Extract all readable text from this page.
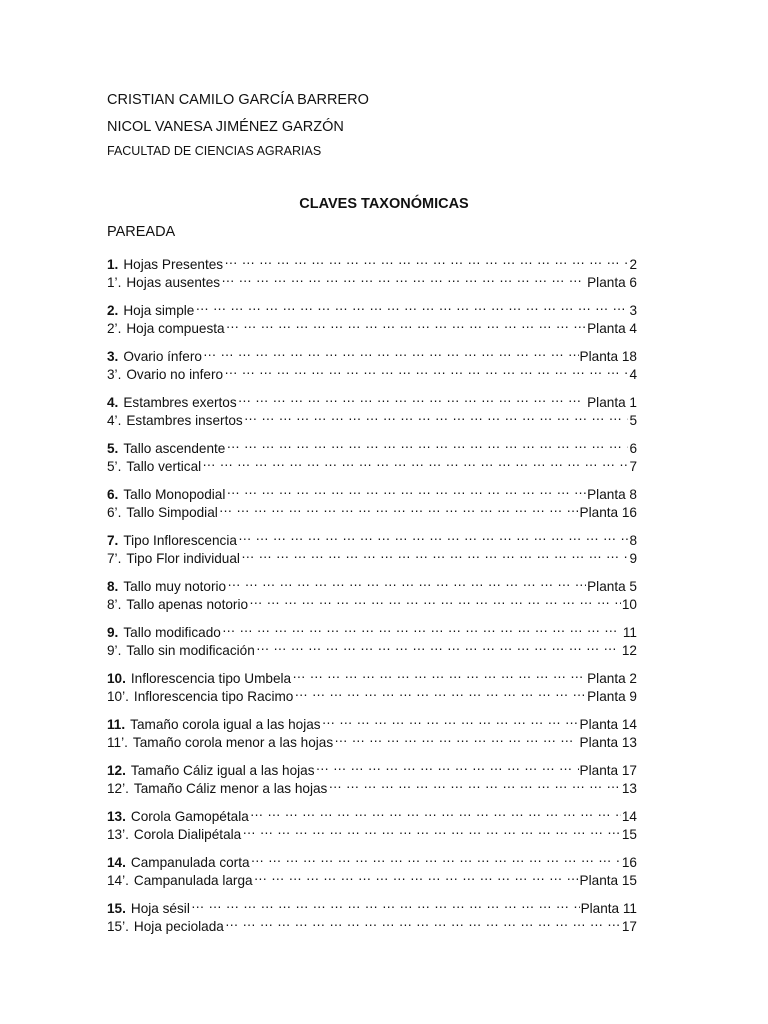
CRISTIAN CAMILO GARCÍA BARRERO
NICOL VANESA JIMÉNEZ GARZÓN
FACULTAD DE CIENCIAS AGRARIAS
CLAVES TAXONÓMICAS
PAREADA
1. Hojas Presentes … … … … … … … … … … … … … … … … … … … … … … … … … … … … … … … … … … … … … … … … … … … … … … … … … … … …	2
1’. Hojas ausentes … … … … … … … … … … … … … … … … … … … … … … … … … … … … … … … … … … … … … … … … … … … … … … … … … … … …	Planta 6
2. Hoja simple … … … … … … … … … … … … … … … … … … … … … … … … … … … … … … … … … … … … … … … … … … … … … … … … … … … …	3
2’. Hoja compuesta … … … … … … … … … … … … … … … … … … … … … … … … … … … … … … … … … … … … … … … … … … … … … … … … … … … …	Planta 4
3. Ovario ínfero … … … … … … … … … … … … … … … … … … … … … … … … … … … … … … … … … … … … … … … … … … … … … … … … … … … …	Planta 18
3’. Ovario no infero … … … … … … … … … … … … … … … … … … … … … … … … … … … … … … … … … … … … … … … … … … … … … … … … … … … …	4
4. Estambres exertos … … … … … … … … … … … … … … … … … … … … … … … … … … … … … … … … … … … … … … … … … … … … … … … … … … … …	Planta 1
4’. Estambres insertos … … … … … … … … … … … … … … … … … … … … … … … … … … … … … … … … … … … … … … … … … … … … … … … … … … … …	5
5. Tallo ascendente … … … … … … … … … … … … … … … … … … … … … … … … … … … … … … … … … … … … … … … … … … … … … … … … … … … …	6
5’. Tallo vertical … … … … … … … … … … … … … … … … … … … … … … … … … … … … … … … … … … … … … … … … … … … … … … … … … … … …	7
6. Tallo Monopodial … … … … … … … … … … … … … … … … … … … … … … … … … … … … … … … … … … … … … … … … … … … … … … … … … … … …	Planta 8
6’. Tallo Simpodial … … … … … … … … … … … … … … … … … … … … … … … … … … … … … … … … … … … … … … … … … … … … … … … … … … … …	Planta 16
7. Tipo Inflorescencia … … … … … … … … … … … … … … … … … … … … … … … … … … … … … … … … … … … … … … … … … … … … … … … … … … … …	8
7’. Tipo Flor individual … … … … … … … … … … … … … … … … … … … … … … … … … … … … … … … … … … … … … … … … … … … … … … … … … … … …	9
8. Tallo muy notorio … … … … … … … … … … … … … … … … … … … … … … … … … … … … … … … … … … … … … … … … … … … … … … … … … … … …	Planta 5
8’. Tallo apenas notorio … … … … … … … … … … … … … … … … … … … … … … … … … … … … … … … … … … … … … … … … … … … … … … … … … … … …	10
9. Tallo modificado … … … … … … … … … … … … … … … … … … … … … … … … … … … … … … … … … … … … … … … … … … … … … … … … … … … …	11
9’. Tallo sin modificación … … … … … … … … … … … … … … … … … … … … … … … … … … … … … … … … … … … … … … … … … … … … … … … … … … … …	12
10. Inflorescencia tipo Umbela … … … … … … … … … … … … … … … … … … … … … … … … … … … … … … … … … … … … … … … … … … … … … … … … … … … …	Planta 2
10’. Inflorescencia tipo Racimo … … … … … … … … … … … … … … … … … … … … … … … … … … … … … … … … … … … … … … … … … … … … … … … … … … … …	Planta 9
11. Tamaño corola igual a las hojas … … … … … … … … … … … … … … … … … … … … … … … … … … … … … … … … … … … … … … … … … … … … … … … … … … … …	Planta 14
11’. Tamaño corola menor a las hojas … … … … … … … … … … … … … … … … … … … … … … … … … … … … … … … … … … … … … … … … … … … … … … … … … … … …	Planta 13
12. Tamaño Cáliz igual a las hojas … … … … … … … … … … … … … … … … … … … … … … … … … … … … … … … … … … … … … … … … … … … … … … … … … … … …	Planta 17
12’. Tamaño Cáliz menor a las hojas … … … … … … … … … … … … … … … … … … … … … … … … … … … … … … … … … … … … … … … … … … … … … … … … … … … …	13
13. Corola Gamopétala … … … … … … … … … … … … … … … … … … … … … … … … … … … … … … … … … … … … … … … … … … … … … … … … … … … …	14
13’. Corola Dialipétala … … … … … … … … … … … … … … … … … … … … … … … … … … … … … … … … … … … … … … … … … … … … … … … … … … … …	15
14. Campanulada corta … … … … … … … … … … … … … … … … … … … … … … … … … … … … … … … … … … … … … … … … … … … … … … … … … … … …	16
14’. Campanulada larga … … … … … … … … … … … … … … … … … … … … … … … … … … … … … … … … … … … … … … … … … … … … … … … … … … … …	Planta 15
15. Hoja sésil … … … … … … … … … … … … … … … … … … … … … … … … … … … … … … … … … … … … … … … … … … … … … … … … … … … …	Planta 11
15’. Hoja peciolada … … … … … … … … … … … … … … … … … … … … … … … … … … … … … … … … … … … … … … … … … … … … … … … … … … … …	17
